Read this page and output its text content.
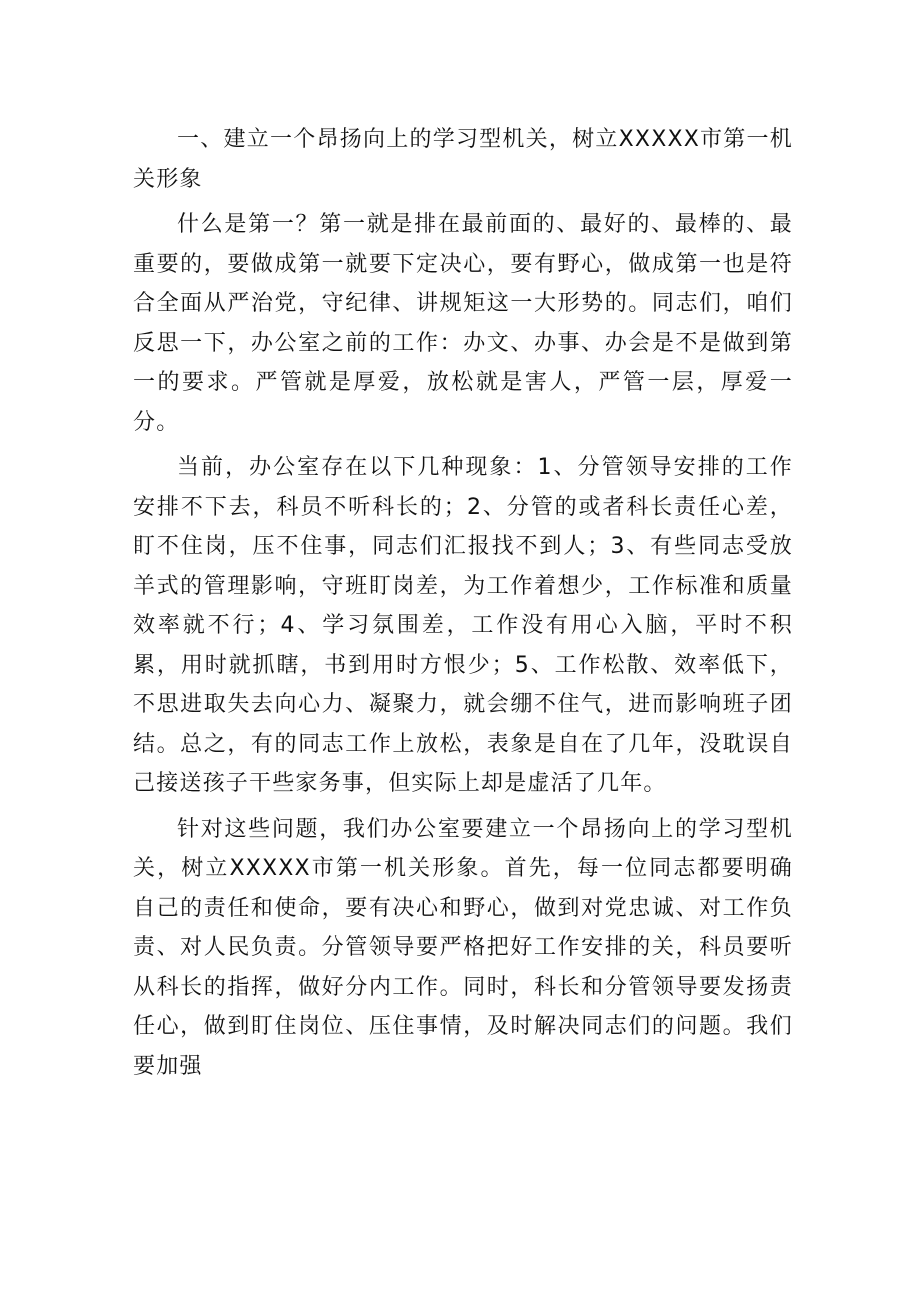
一、建立一个昂扬向上的学习型机关，树立XXXXX市第一机关形象

什么是第一？第一就是排在最前面的、最好的、最棒的、最重要的，要做成第一就要下定决心，要有野心，做成第一也是符合全面从严治党，守纪律、讲规矩这一大形势的。同志们，咱们反思一下，办公室之前的工作：办文、办事、办会是不是做到第一的要求。严管就是厚爱，放松就是害人，严管一层，厚爱一分。

当前，办公室存在以下几种现象：1、分管领导安排的工作安排不下去，科员不听科长的；2、分管的或者科长责任心差，盯不住岗，压不住事，同志们汇报找不到人；3、有些同志受放羊式的管理影响，守班盯岗差，为工作着想少，工作标准和质量效率就不行；4、学习氛围差，工作没有用心入脑，平时不积累，用时就抓瞎，书到用时方恨少；5、工作松散、效率低下，不思进取失去向心力、凝聚力，就会绷不住气，进而影响班子团结。总之，有的同志工作上放松，表象是自在了几年，没耽误自己接送孩子干些家务事，但实际上却是虚活了几年。

针对这些问题，我们办公室要建立一个昂扬向上的学习型机关，树立XXXXX市第一机关形象。首先，每一位同志都要明确自己的责任和使命，要有决心和野心，做到对党忠诚、对工作负责、对人民负责。分管领导要严格把好工作安排的关，科员要听从科长的指挥，做好分内工作。同时，科长和分管领导要发扬责任心，做到盯住岗位、压住事情，及时解决同志们的问题。我们要加强
